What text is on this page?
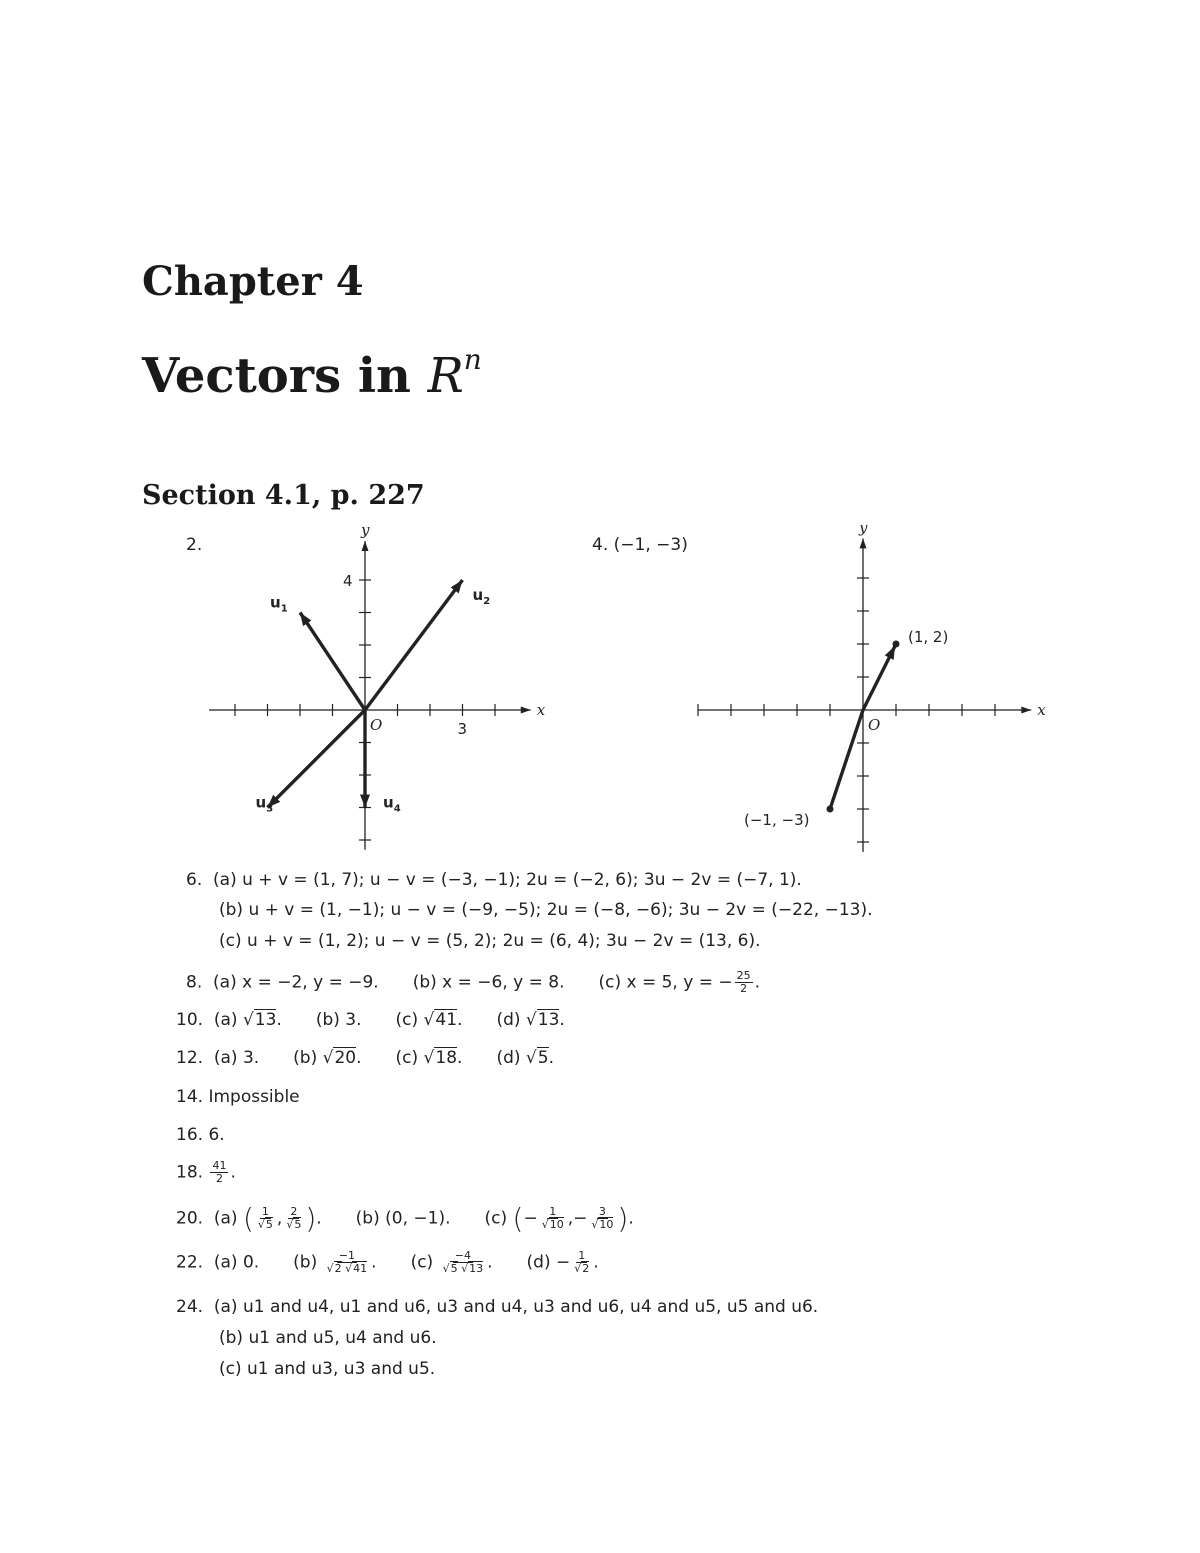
Chapter 4
Vectors in $R^n$
Section 4.1, p. 227
2.
x
y
O
4
3
$u_1$
$u_2$
$u_3$	$u_4$
4. (−1, −3)
x
y
O
(1, 2)
(−1, −3)
6. (a) u + v = (1, 7); u − v = (−3, −1); 2u = (−2, 6); 3u − 2v = (−7, 1).
(b) u + v = (1, −1); u − v = (−9, −5); 2u = (−8, −6); 3u − 2v = (−22, −13).
(c) u + v = (1, 2); u − v = (5, 2); 2u = (6, 4); 3u − 2v = (13, 6).
8. (a) x = −2, y = −9. (b) x = −6, y = 8. (c) x = 5, y = − $\frac{25}{2}$ .
10. (a) √13. (b) 3. (c) √41. (d) √13.
12. (a) 3. (b) √20. (c) √18. (d) √5.
14. Impossible
16. 6.
18. $\frac{41}{2}$ .
20. (a) ( $\frac{1}{√5}$ , $\frac{2}{√5}$ ). (b) (0, −1). (c) (− $\frac{1}{√10}$ ,− $\frac{3}{√10}$ ).
22. (a) 0. $(b) \frac{-1}{√2 √41}$ . $(c) \frac{-4}{√5 √13}$ . $(d) - \frac{1}{√2}$ .
24. (a) u1 and u4, u1 and u6, u3 and u4, u3 and u6, u4 and u5, u5 and u6.
(b) u1 and u5, u4 and u6.
(c) u1 and u3, u3 and u5.
